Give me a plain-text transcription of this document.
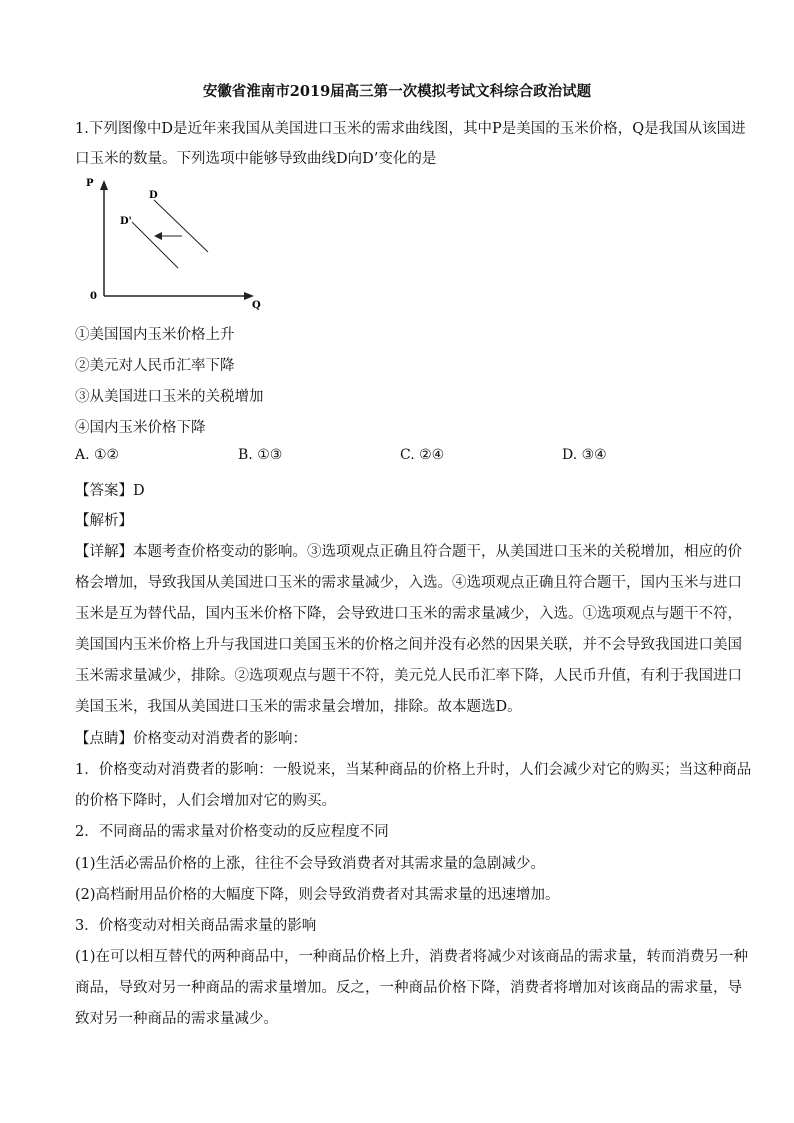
安徽省淮南市2019届高三第一次模拟考试文科综合政治试题
1.下列图像中D是近年来我国从美国进口玉米的需求曲线图，其中P是美国的玉米价格，Q是我国从该国进
口玉米的数量。下列选项中能够导致曲线D向D’变化的是
P
Q
0
D
D'
①美国国内玉米价格上升
②美元对人民币汇率下降
③从美国进口玉米的关税增加
④国内玉米价格下降
A. ①②	B. ①③	C. ②④	D. ③④
【答案】D
【解析】
【详解】本题考查价格变动的影响。③选项观点正确且符合题干，从美国进口玉米的关税增加，相应的价
格会增加，导致我国从美国进口玉米的需求量减少，入选。④选项观点正确且符合题干，国内玉米与进口
玉米是互为替代品，国内玉米价格下降，会导致进口玉米的需求量减少，入选。①选项观点与题干不符，
美国国内玉米价格上升与我国进口美国玉米的价格之间并没有必然的因果关联，并不会导致我国进口美国
玉米需求量减少，排除。②选项观点与题干不符，美元兑人民币汇率下降，人民币升值，有利于我国进口
美国玉米，我国从美国进口玉米的需求量会增加，排除。故本题选D。
【点睛】价格变动对消费者的影响：
1．价格变动对消费者的影响：一般说来，当某种商品的价格上升时，人们会减少对它的购买；当这种商品
的价格下降时，人们会增加对它的购买。
2．不同商品的需求量对价格变动的反应程度不同
(1)生活必需品价格的上涨，往往不会导致消费者对其需求量的急剧减少。
(2)高档耐用品价格的大幅度下降，则会导致消费者对其需求量的迅速增加。
3．价格变动对相关商品需求量的影响
(1)在可以相互替代的两种商品中，一种商品价格上升，消费者将减少对该商品的需求量，转而消费另一种
商品，导致对另一种商品的需求量增加。反之，一种商品价格下降，消费者将增加对该商品的需求量，导
致对另一种商品的需求量减少。
